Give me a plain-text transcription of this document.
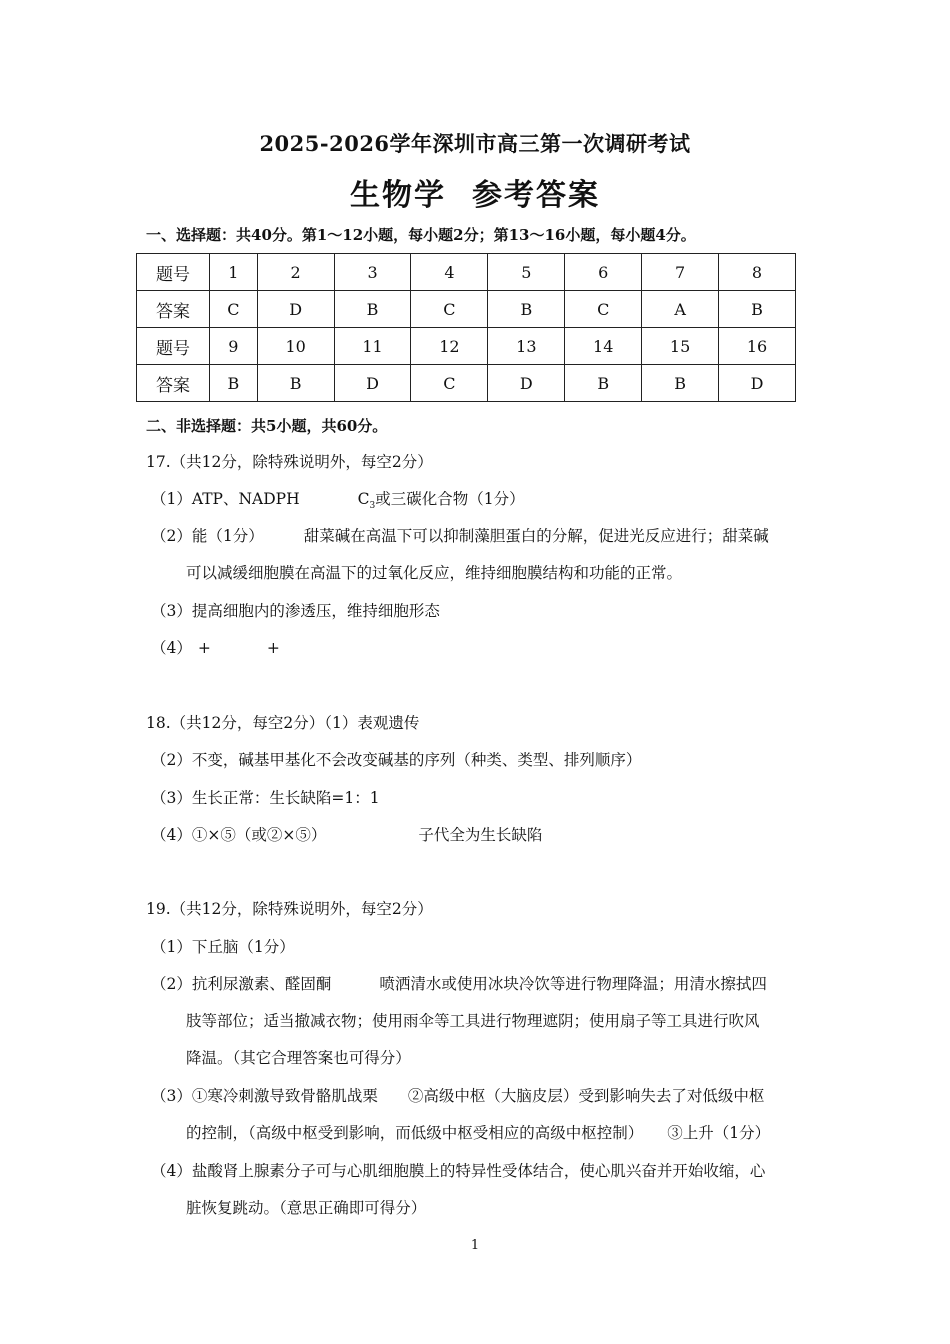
2025-2026学年深圳市高三第一次调研考试
生物学 参考答案
一、选择题：共40分。第1～12小题，每小题2分；第13～16小题，每小题4分。
题号	1	2	3	4	5	6	7	8
答案	C	D	B	C	B	C	A	B
题号	9	10	11	12	13	14	15	16
答案	B	B	D	C	D	B	B	D
二、非选择题：共5小题，共60分。
17.（共12分，除特殊说明外，每空2分）
（1）ATP、NADPH	$C_3$或三碳化合物（1分）
（2）能（1分）	甜菜碱在高温下可以抑制藻胆蛋白的分解，促进光反应进行；甜菜碱
可以减缓细胞膜在高温下的过氧化反应，维持细胞膜结构和功能的正常。
（3）提高细胞内的渗透压，维持细胞形态
（4） +	+
18.（共12分，每空2分）（1）表观遗传
（2）不变，碱基甲基化不会改变碱基的序列（种类、类型、排列顺序）
（3）生长正常：生长缺陷=1：1
（4）①×⑤（或②×⑤）	子代全为生长缺陷
19.（共12分，除特殊说明外，每空2分）
（1）下丘脑（1分）
（2）抗利尿激素、醛固酮	喷洒清水或使用冰块冷饮等进行物理降温；用清水擦拭四
肢等部位；适当撤减衣物；使用雨伞等工具进行物理遮阴；使用扇子等工具进行吹风
降温。（其它合理答案也可得分）
（3）①寒冷刺激导致骨骼肌战栗 ②高级中枢（大脑皮层）受到影响失去了对低级中枢
的控制，（高级中枢受到影响，而低级中枢受相应的高级中枢控制） ③上升（1分）
（4）盐酸肾上腺素分子可与心肌细胞膜上的特异性受体结合，使心肌兴奋并开始收缩，心
脏恢复跳动。（意思正确即可得分）
1
